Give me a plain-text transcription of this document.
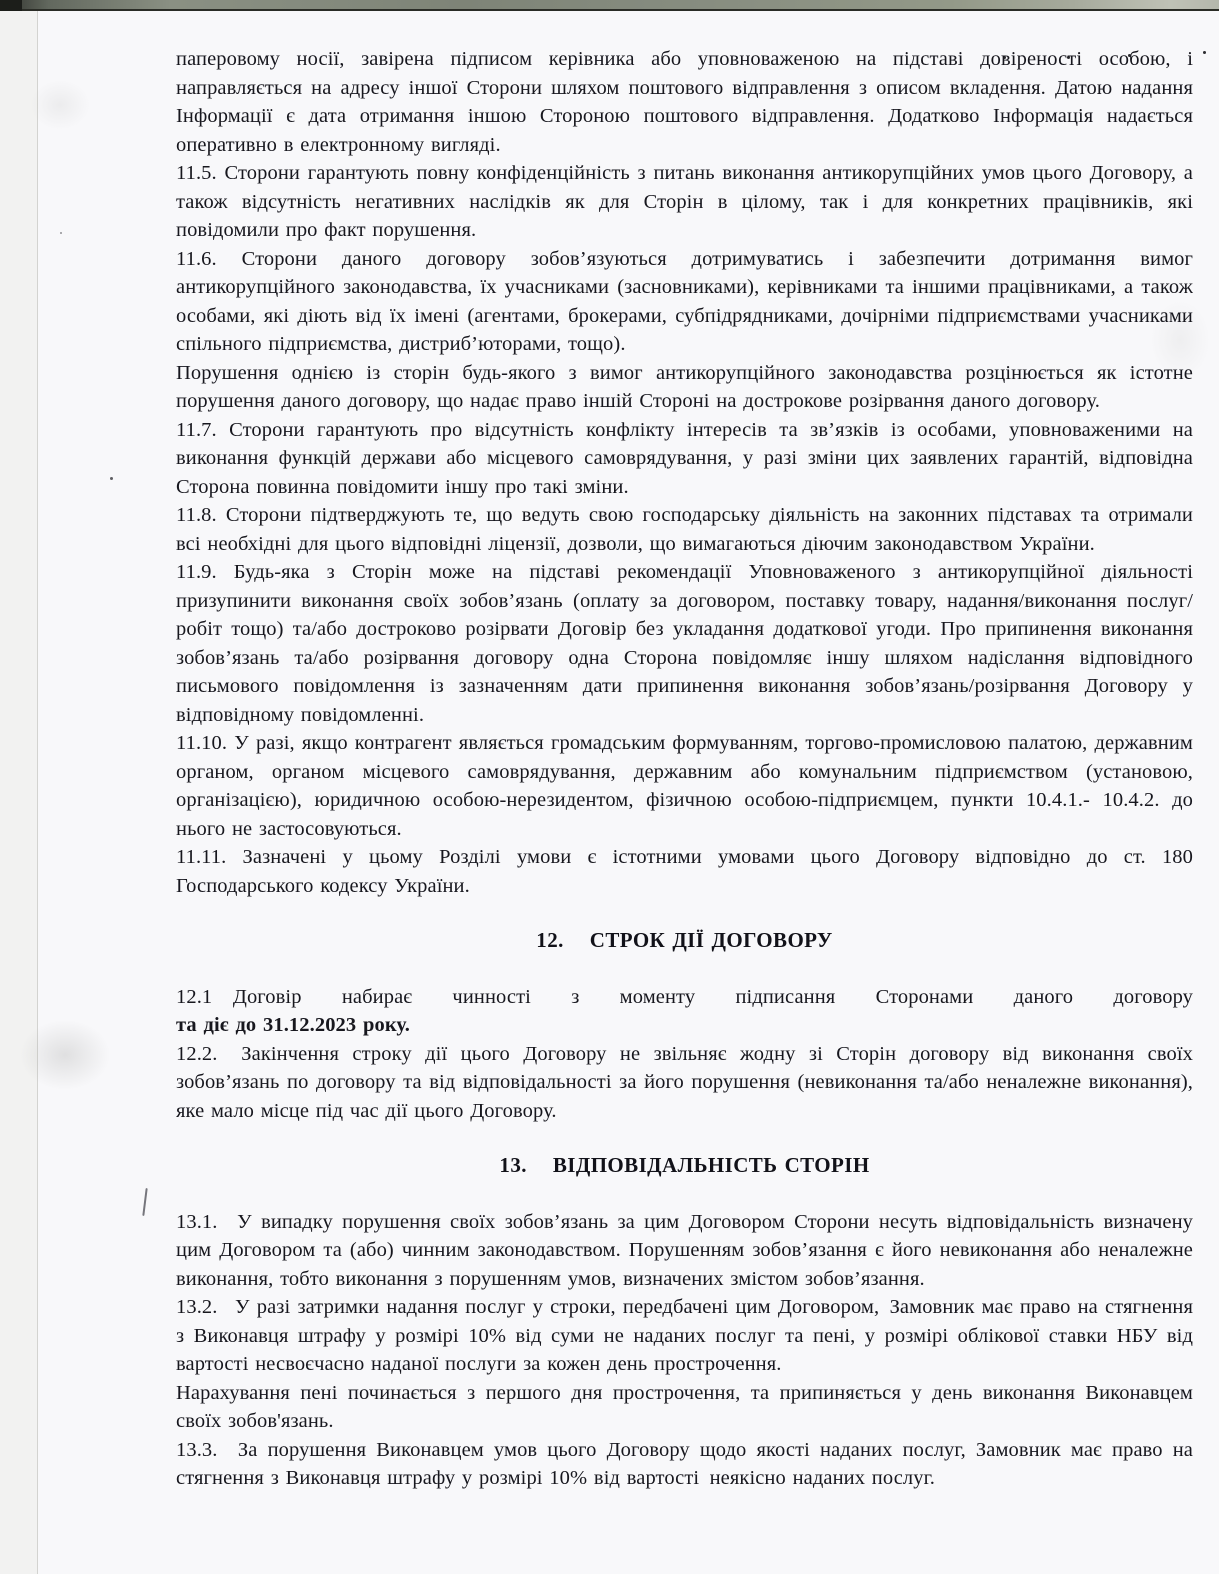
паперовому носії, завірена підписом керівника або уповноваженою на підставі довіреності особою, і направляється на адресу іншої Сторони шляхом поштового відправлення з описом вкладення. Датою надання Інформації є дата отримання іншою Стороною поштового відправлення. Додатково Інформація надається оперативно в електронному вигляді.

11.5. Сторони гарантують повну конфіденційність з питань виконання антикорупційних умов цього Договору, а також відсутність негативних наслідків як для Сторін в цілому, так і для конкретних працівників, які повідомили про факт порушення.

11.6. Сторони даного договору зобов’язуються дотримуватись і забезпечити дотримання вимог антикорупційного законодавства, їх учасниками (засновниками), керівниками та іншими працівниками, а також особами, які діють від їх імені (агентами, брокерами, субпідрядниками, дочірніми підприємствами учасниками спільного підприємства, дистриб’юторами, тощо).

Порушення однією із сторін будь-якого з вимог антикорупційного законодавства розцінюється як істотне порушення даного договору, що надає право іншій Стороні на дострокове розірвання даного договору.

11.7. Сторони гарантують про відсутність конфлікту інтересів та зв’язків із особами, уповноваженими на виконання функцій держави або місцевого самоврядування, у разі зміни цих заявлених гарантій, відповідна Сторона повинна повідомити іншу про такі зміни.

11.8. Сторони підтверджують те, що ведуть свою господарську діяльність на законних підставах та отримали всі необхідні для цього відповідні ліцензії, дозволи, що вимагаються діючим законодавством України.

11.9. Будь-яка з Сторін може на підставі рекомендації Уповноваженого з антикорупційної діяльності призупинити виконання своїх зобов’язань (оплату за договором, поставку товару, надання/виконання послуг/робіт тощо) та/або достроково розірвати Договір без укладання додаткової угоди. Про припинення виконання зобов’язань та/або розірвання договору одна Сторона повідомляє іншу шляхом надіслання відповідного письмового повідомлення із зазначенням дати припинення виконання зобов’язань/розірвання Договору у відповідному повідомленні.

11.10. У разі, якщо контрагент являється громадським формуванням, торгово-промисловою палатою, державним органом, органом місцевого самоврядування, державним або комунальним підприємством (установою, організацією), юридичною особою-нерезидентом, фізичною особою-підприємцем, пункти 10.4.1.- 10.4.2. до нього не застосовуються.

11.11. Зазначені у цьому Розділі умови є істотними умовами цього Договору відповідно до ст. 180 Господарського кодексу України.

12. СТРОК ДІЇ ДОГОВОРУ

12.1 Договір набирає чинності з моменту підписання Сторонами даного договору

та діє до 31.12.2023 року.

12.2.  Закінчення строку дії цього Договору не звільняє жодну зі Сторін договору від виконання своїх зобов’язань по договору та від відповідальності за його порушення (невиконання та/або неналежне виконання), яке мало місце під час дії цього Договору.

13. ВІДПОВІДАЛЬНІСТЬ СТОРІН

13.1.  У випадку порушення своїх зобов’язань за цим Договором Сторони несуть відповідальність визначену цим Договором та (або) чинним законодавством. Порушенням зобов’язання є його невиконання або неналежне виконання, тобто виконання з порушенням умов, визначених змістом зобов’язання.

13.2.  У разі затримки надання послуг у строки, передбачені цим Договором, Замовник має право на стягнення з Виконавця штрафу у розмірі 10% від суми не наданих послуг та пені, у розмірі облікової ставки НБУ від вартості несвоєчасно наданої послуги за кожен день прострочення.

Нарахування пені починається з першого дня прострочення, та припиняється у день виконання Виконавцем своїх зобов'язань.

13.3.  За порушення Виконавцем умов цього Договору щодо якості наданих послуг, Замовник має право на стягнення з Виконавця штрафу у розмірі 10% від вартості неякісно наданих послуг.
